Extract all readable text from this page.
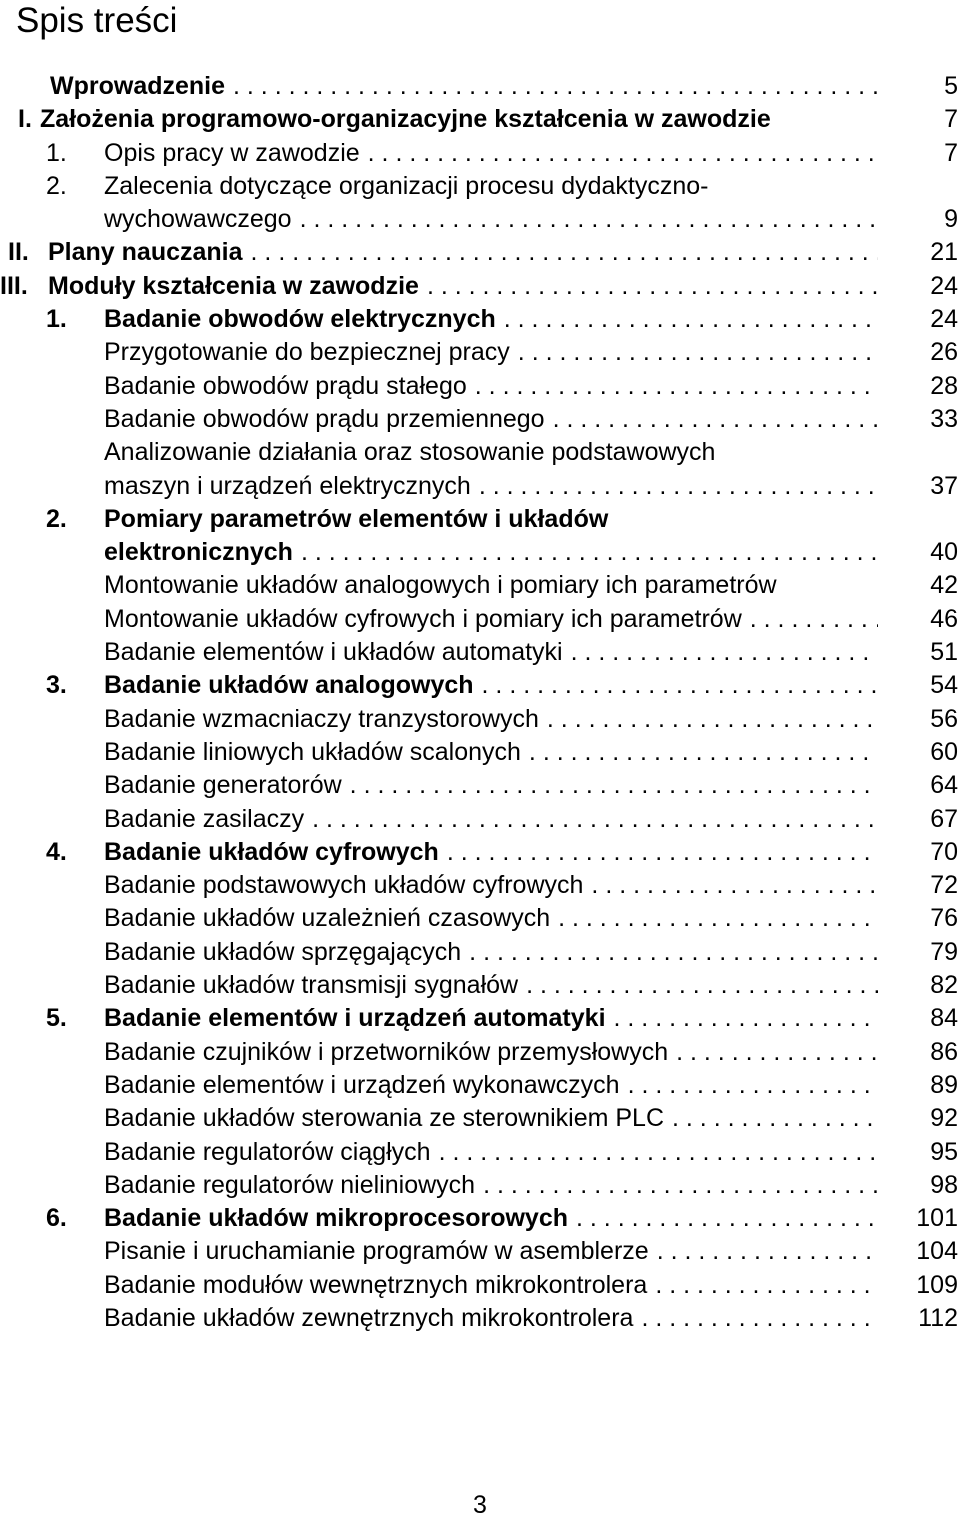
Spis treści
Wprowadzenie . . .	5
I. Założenia programowo-organizacyjne kształcenia w zawodzie	7
1. Opis pracy w zawodzie . . .	7
2. Zalecenia dotyczące organizacji procesu dydaktyczno-
wychowawczego . . .	9
II. Plany nauczania . . .	21
III. Moduły kształcenia w zawodzie . . .	24
1. Badanie obwodów elektrycznych . . .	24
Przygotowanie do bezpiecznej pracy . . .	26
Badanie obwodów prądu stałego . . .	28
Badanie obwodów prądu przemiennego . . .	33
Analizowanie działania oraz stosowanie podstawowych
maszyn i urządzeń elektrycznych . . .	37
2. Pomiary parametrów elementów i układów
elektronicznych . . .	40
Montowanie układów analogowych i pomiary ich parametrów	42
Montowanie układów cyfrowych i pomiary ich parametrów . . .	46
Badanie elementów i układów automatyki . . .	51
3. Badanie układów analogowych . . .	54
Badanie wzmacniaczy tranzystorowych . . .	56
Badanie liniowych układów scalonych . . .	60
Badanie generatorów . . .	64
Badanie zasilaczy . . .	67
4. Badanie układów cyfrowych . . .	70
Badanie podstawowych układów cyfrowych . . .	72
Badanie układów uzależnień czasowych . . .	76
Badanie układów sprzęgających . . .	79
Badanie układów transmisji sygnałów . . .	82
5. Badanie elementów i urządzeń automatyki . . .	84
Badanie czujników i przetworników przemysłowych . . .	86
Badanie elementów i urządzeń wykonawczych . . .	89
Badanie układów sterowania ze sterownikiem PLC . . .	92
Badanie regulatorów ciągłych . . .	95
Badanie regulatorów nieliniowych . . .	98
6. Badanie układów mikroprocesorowych . . .	101
Pisanie i uruchamianie programów w asemblerze . . .	104
Badanie modułów wewnętrznych mikrokontrolera . . .	109
Badanie układów zewnętrznych mikrokontrolera . . .	112
3
